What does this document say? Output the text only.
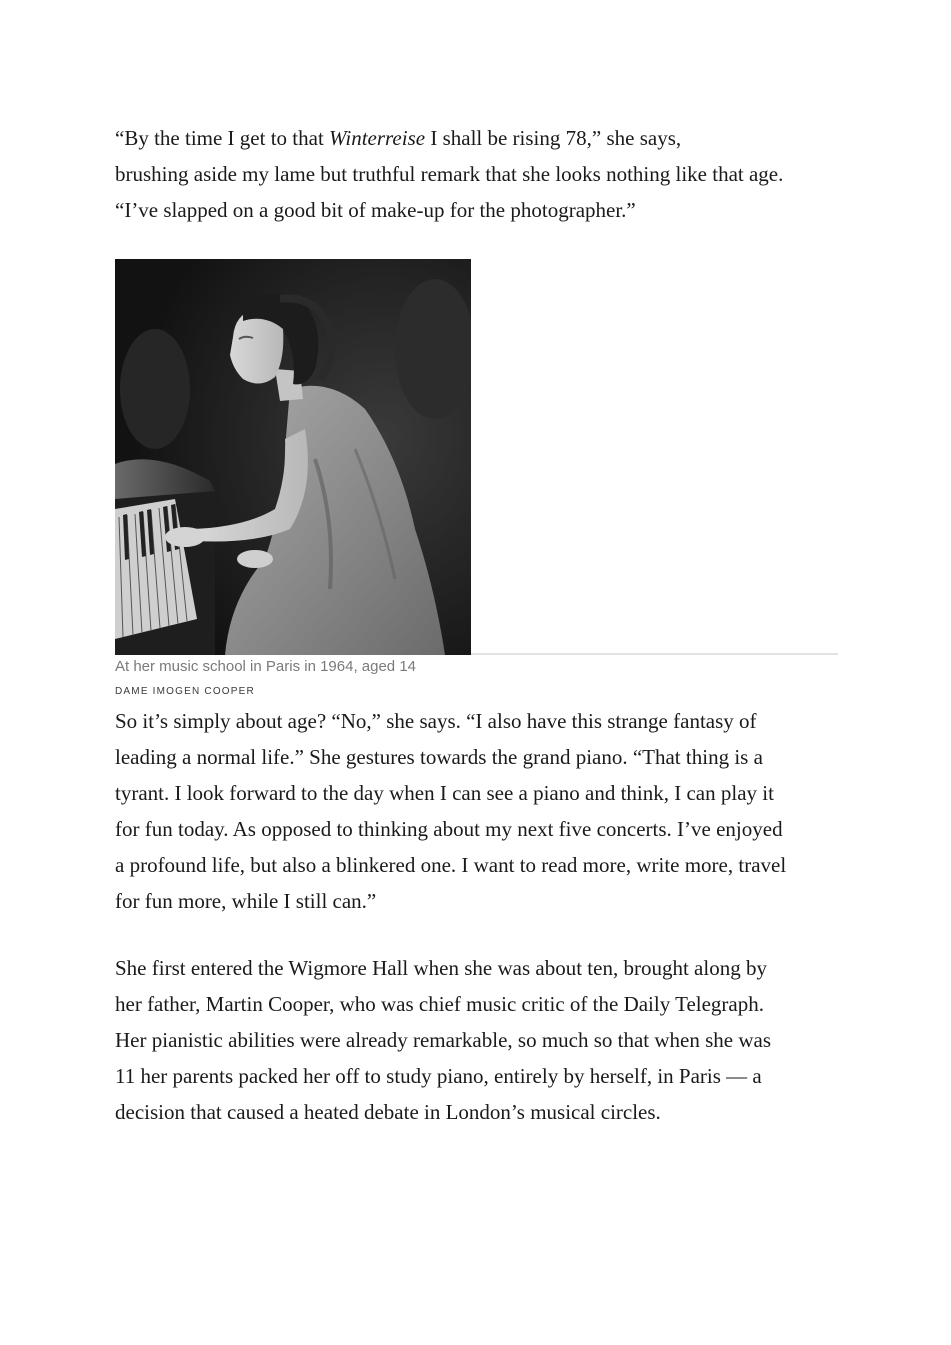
“By the time I get to that Winterreise I shall be rising 78,” she says,
brushing aside my lame but truthful remark that she looks nothing like that age.
“I’ve slapped on a good bit of make-up for the photographer.”

At her music school in Paris in 1964, aged 14
DAME IMOGEN COOPER

So it’s simply about age? “No,” she says. “I also have this strange fantasy of
leading a normal life.” She gestures towards the grand piano. “That thing is a
tyrant. I look forward to the day when I can see a piano and think, I can play it
for fun today. As opposed to thinking about my next five concerts. I’ve enjoyed
a profound life, but also a blinkered one. I want to read more, write more, travel
for fun more, while I still can.”

She first entered the Wigmore Hall when she was about ten, brought along by
her father, Martin Cooper, who was chief music critic of the Daily Telegraph.
Her pianistic abilities were already remarkable, so much so that when she was
11 her parents packed her off to study piano, entirely by herself, in Paris — a
decision that caused a heated debate in London’s musical circles.
